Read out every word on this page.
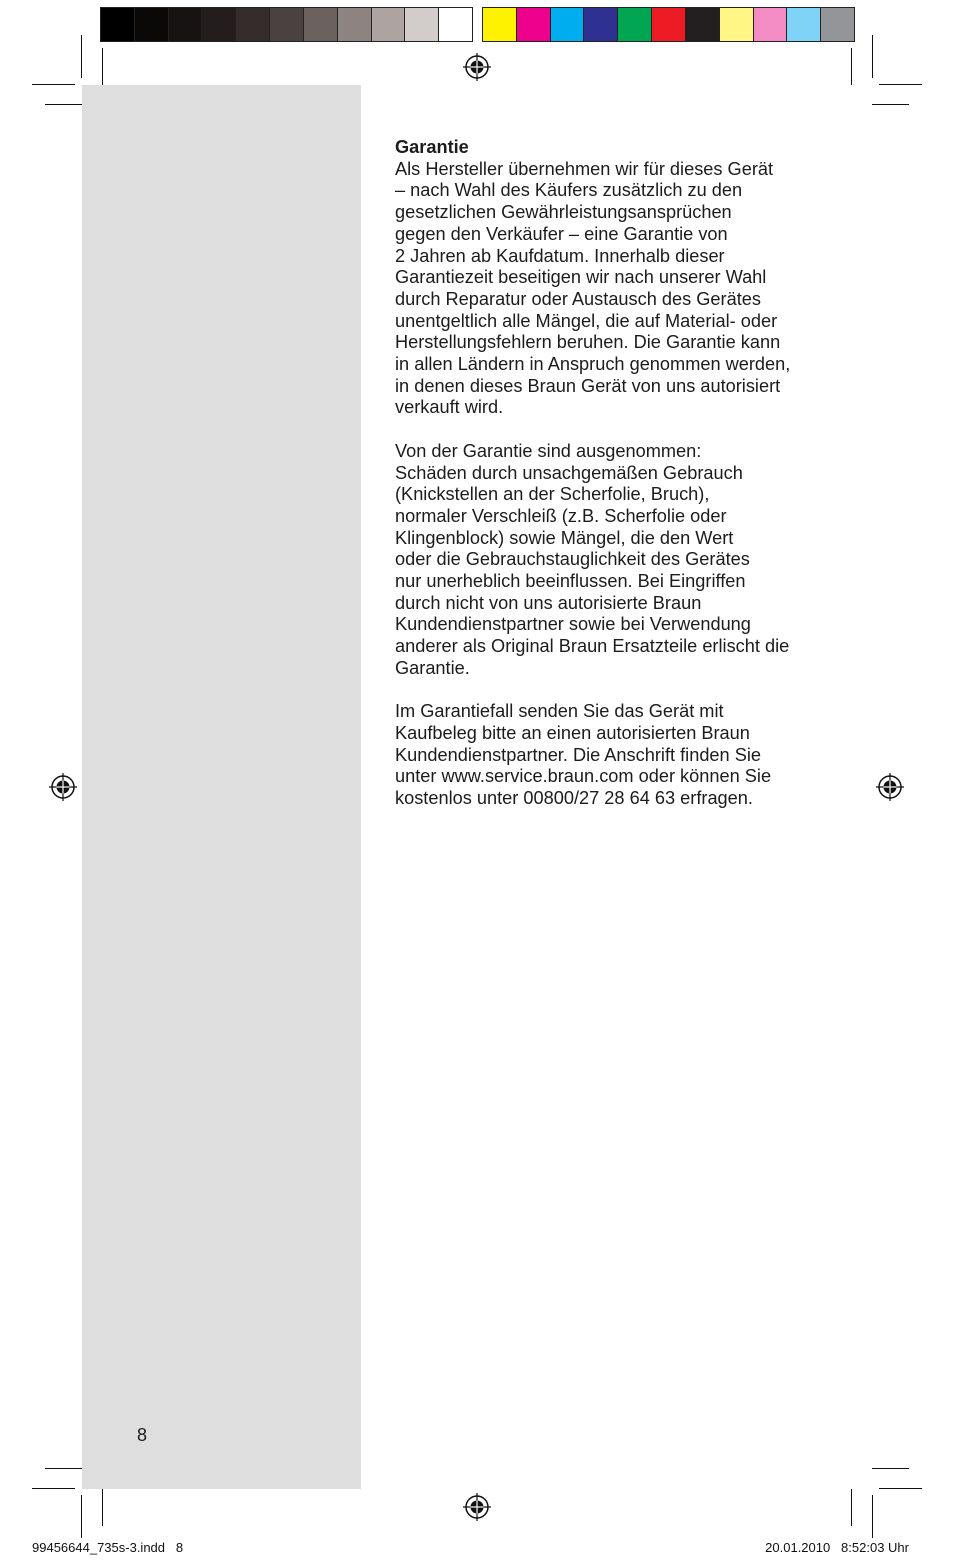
8
Garantie
Als Hersteller übernehmen wir für dieses Gerät
– nach Wahl des Käufers zusätzlich zu den
gesetzlichen Gewährleistungsansprüchen
gegen den Verkäufer – eine Garantie von
2 Jahren ab Kaufdatum. Innerhalb dieser
Garantiezeit beseitigen wir nach unserer Wahl
durch Reparatur oder Austausch des Gerätes
unentgeltlich alle Mängel, die auf Material- oder
Herstellungsfehlern beruhen. Die Garantie kann
in allen Ländern in Anspruch genommen werden,
in denen dieses Braun Gerät von uns autorisiert
verkauft wird.
Von der Garantie sind ausgenommen:
Schäden durch unsachgemäßen Gebrauch
(Knickstellen an der Scherfolie, Bruch),
normaler Verschleiß (z.B. Scherfolie oder
Klingenblock) sowie Mängel, die den Wert
oder die Gebrauchstauglichkeit des Gerätes
nur unerheblich beeinflussen. Bei Eingriffen
durch nicht von uns autorisierte Braun
Kundendienstpartner sowie bei Verwendung
anderer als Original Braun Ersatzteile erlischt die
Garantie.
Im Garantiefall senden Sie das Gerät mit
Kaufbeleg bitte an einen autorisierten Braun
Kundendienstpartner. Die Anschrift finden Sie
unter www.service.braun.com oder können Sie
kostenlos unter 00800/27 28 64 63 erfragen.
99456644_735s-3.indd   8	20.01.2010   8:52:03 Uhr
